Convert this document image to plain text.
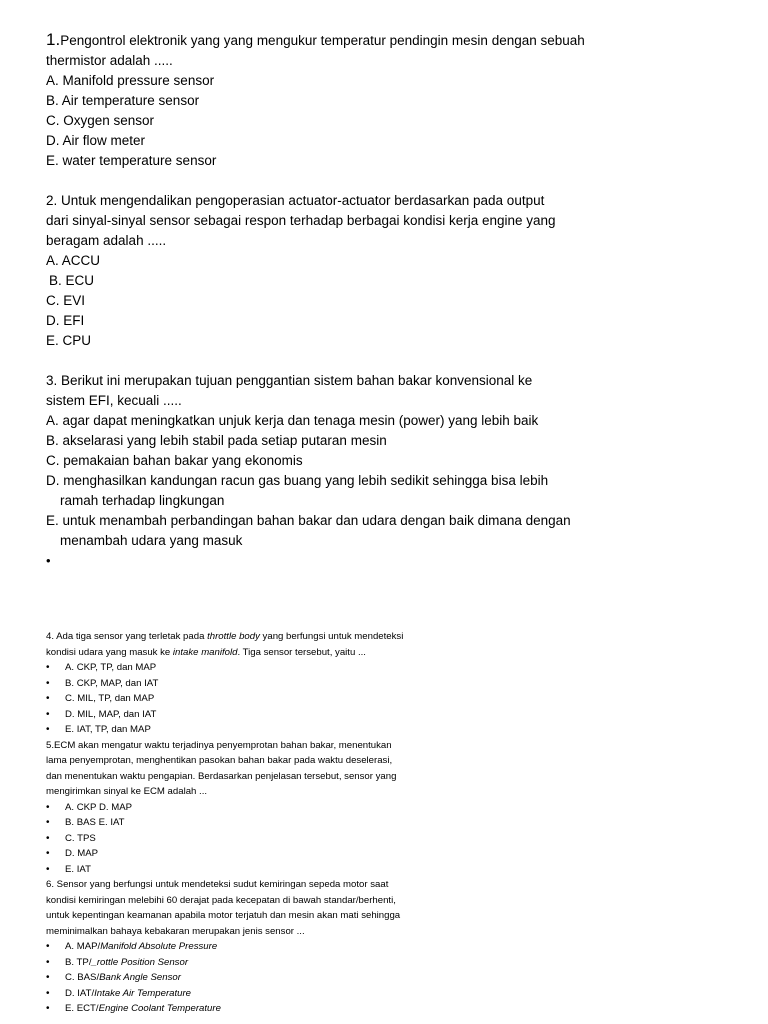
1.Pengontrol elektronik yang yang mengukur temperatur pendingin mesin dengan sebuah
thermistor adalah .....
A. Manifold pressure sensor
B. Air temperature sensor
C. Oxygen sensor
D. Air flow meter
E. water temperature sensor
2. Untuk mengendalikan pengoperasian actuator-actuator berdasarkan pada output
dari sinyal-sinyal sensor sebagai respon terhadap berbagai kondisi kerja engine yang
beragam adalah .....
A. ACCU
B. ECU
C. EVI
D. EFI
E. CPU
3. Berikut ini merupakan tujuan penggantian sistem bahan bakar konvensional ke
sistem EFI, kecuali .....
A. agar dapat meningkatkan unjuk kerja dan tenaga mesin (power) yang lebih baik
B. akselarasi yang lebih stabil pada setiap putaran mesin
C. pemakaian bahan bakar yang ekonomis
D. menghasilkan kandungan racun gas buang yang lebih sedikit sehingga bisa lebih
ramah terhadap lingkungan
E. untuk menambah perbandingan bahan bakar dan udara dengan baik dimana dengan
menambah udara yang masuk
•
4. Ada tiga sensor yang terletak pada throttle body yang berfungsi untuk mendeteksi
kondisi udara yang masuk ke intake manifold. Tiga sensor tersebut, yaitu ...
• A. CKP, TP, dan MAP
• B. CKP, MAP, dan IAT
• C. MIL, TP, dan MAP
• D. MIL, MAP, dan IAT
• E. IAT, TP, dan MAP
5.ECM akan mengatur waktu terjadinya penyemprotan bahan bakar, menentukan
lama penyemprotan, menghentikan pasokan bahan bakar pada waktu deselerasi,
dan menentukan waktu pengapian. Berdasarkan penjelasan tersebut, sensor yang
mengirimkan sinyal ke ECM adalah ...
• A. CKP D. MAP
• B. BAS E. IAT
• C. TPS
• D. MAP
• E. IAT
6. Sensor yang berfungsi untuk mendeteksi sudut kemiringan sepeda motor saat
kondisi kemiringan melebihi 60 derajat pada kecepatan di bawah standar/berhenti,
untuk kepentingan keamanan apabila motor terjatuh dan mesin akan mati sehingga
meminimalkan bahaya kebakaran merupakan jenis sensor ...
• A. MAP/Manifold Absolute Pressure
• B. TP/_rottle Position Sensor
• C. BAS/Bank Angle Sensor
• D. IAT/Intake Air Temperature
• E. ECT/Engine Coolant Temperature
